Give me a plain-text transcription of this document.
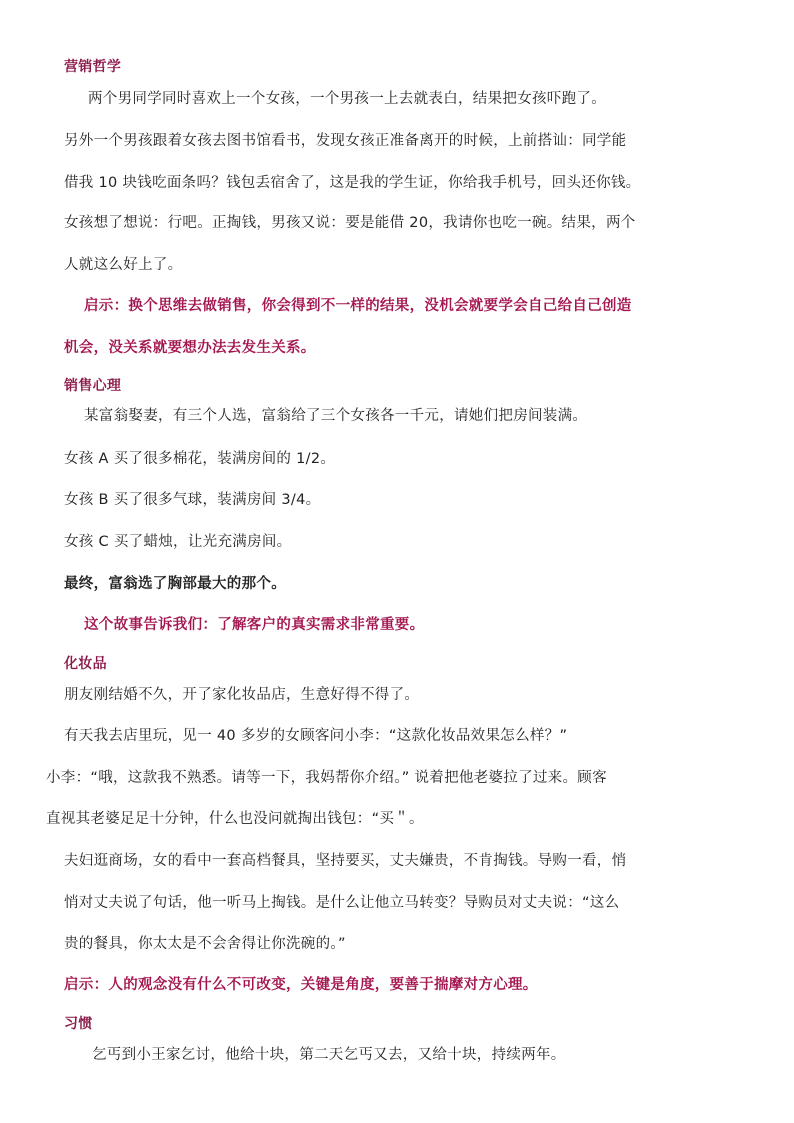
营销哲学
两个男同学同时喜欢上一个女孩，一个男孩一上去就表白，结果把女孩吓跑了。
另外一个男孩跟着女孩去图书馆看书，发现女孩正准备离开的时候，上前搭讪：同学能
借我 10 块钱吃面条吗？钱包丢宿舍了，这是我的学生证，你给我手机号，回头还你钱。
女孩想了想说：行吧。正掏钱，男孩又说：要是能借 20，我请你也吃一碗。结果，两个
人就这么好上了。
启示：换个思维去做销售，你会得到不一样的结果，没机会就要学会自己给自己创造
机会，没关系就要想办法去发生关系。
销售心理
某富翁娶妻，有三个人选，富翁给了三个女孩各一千元，请她们把房间装满。
女孩 A 买了很多棉花，装满房间的 1/2。
女孩 B 买了很多气球，装满房间 3/4。
女孩 C 买了蜡烛，让光充满房间。
最终，富翁选了胸部最大的那个。
这个故事告诉我们：了解客户的真实需求非常重要。
化妆品
朋友刚结婚不久，开了家化妆品店，生意好得不得了。
有天我去店里玩，见一 40 多岁的女顾客问小李：“这款化妆品效果怎么样？”
小李：“哦，这款我不熟悉。请等一下，我妈帮你介绍。” 说着把他老婆拉了过来。顾客
直视其老婆足足十分钟，什么也没问就掏出钱包：“买＂。
夫妇逛商场，女的看中一套高档餐具，坚持要买，丈夫嫌贵，不肯掏钱。导购一看，悄
悄对丈夫说了句话，他一听马上掏钱。是什么让他立马转变？导购员对丈夫说：“这么
贵的餐具，你太太是不会舍得让你洗碗的。”
启示：人的观念没有什么不可改变，关键是角度，要善于揣摩对方心理。
习惯
乞丐到小王家乞讨，他给十块，第二天乞丐又去，又给十块，持续两年。
